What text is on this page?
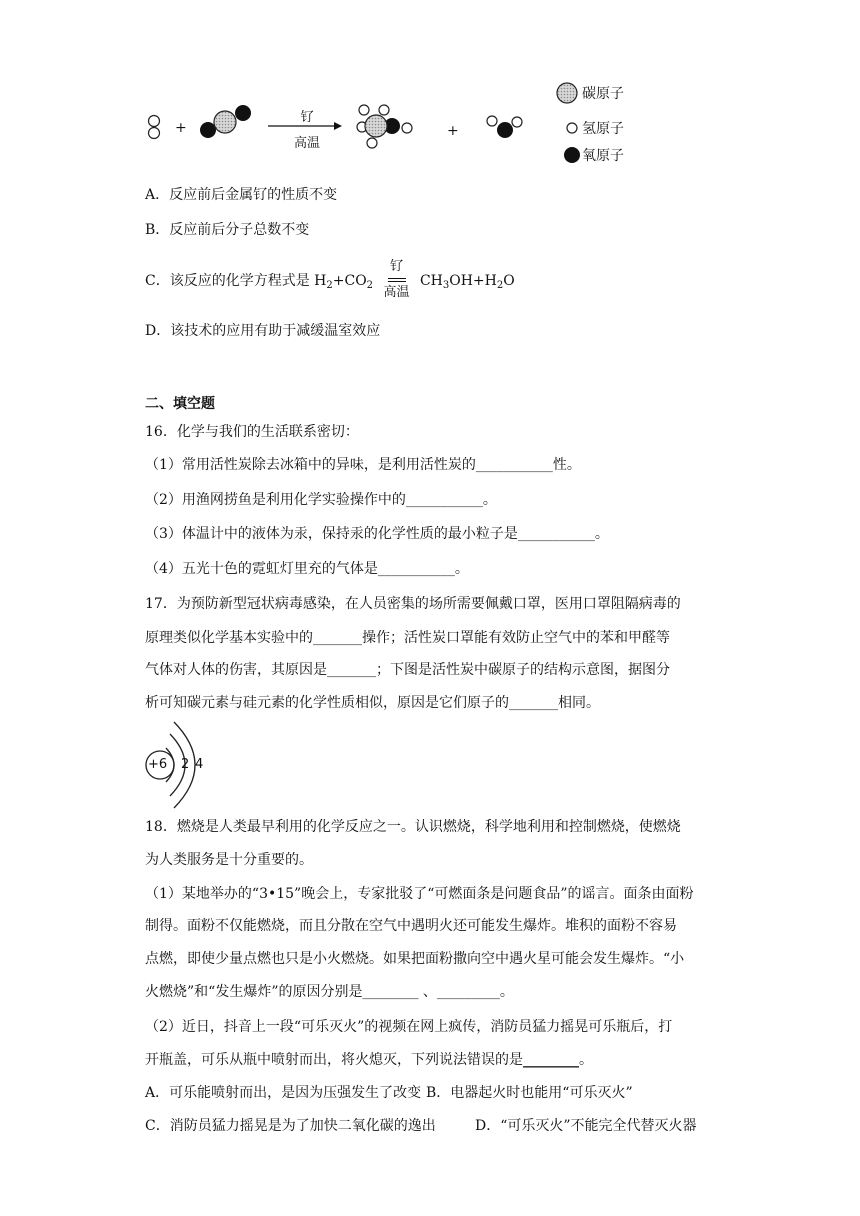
+	+
钌
高温
碳原子
氢原子
氧原子
A．反应前后金属钌的性质不变
B．反应前后分子总数不变
C．该反应的化学方程式是 $H_2+CO_2$
钌
高温
$CH_3OH+H_2O$
D．该技术的应用有助于减缓温室效应
二、填空题
16．化学与我们的生活联系密切：
（1）常用活性炭除去冰箱中的异味，是利用活性炭的___________性。
（2）用渔网捞鱼是利用化学实验操作中的___________。
（3）体温计中的液体为汞，保持汞的化学性质的最小粒子是___________。
（4）五光十色的霓虹灯里充的气体是___________。
17．为预防新型冠状病毒感染，在人员密集的场所需要佩戴口罩，医用口罩阻隔病毒的
原理类似化学基本实验中的_______操作；活性炭口罩能有效防止空气中的苯和甲醛等
气体对人体的伤害，其原因是_______；下图是活性炭中碳原子的结构示意图，据图分
析可知碳元素与硅元素的化学性质相似，原因是它们原子的_______相同。
+6 2 4
18．燃烧是人类最早利用的化学反应之一。认识燃烧，科学地利用和控制燃烧，使燃烧
为人类服务是十分重要的。
（1）某地举办的“3•15”晚会上，专家批驳了“可燃面条是问题食品”的谣言。面条由面粉
制得。面粉不仅能燃烧，而且分散在空气中遇明火还可能发生爆炸。堆积的面粉不容易
点燃，即使少量点燃也只是小火燃烧。如果把面粉撒向空中遇火星可能会发生爆炸。“小
火燃烧”和“发生爆炸”的原因分别是________ 、_________。
（2）近日，抖音上一段“可乐灭火”的视频在网上疯传，消防员猛力摇晃可乐瓶后，打
开瓶盖，可乐从瓶中喷射而出，将火熄灭，下列说法错误的是________。
A．可乐能喷射而出，是因为压强发生了改变 B．电器起火时也能用“可乐灭火”
C．消防员猛力摇晃是为了加快二氧化碳的逸出	D．“可乐灭火”不能完全代替灭火器
